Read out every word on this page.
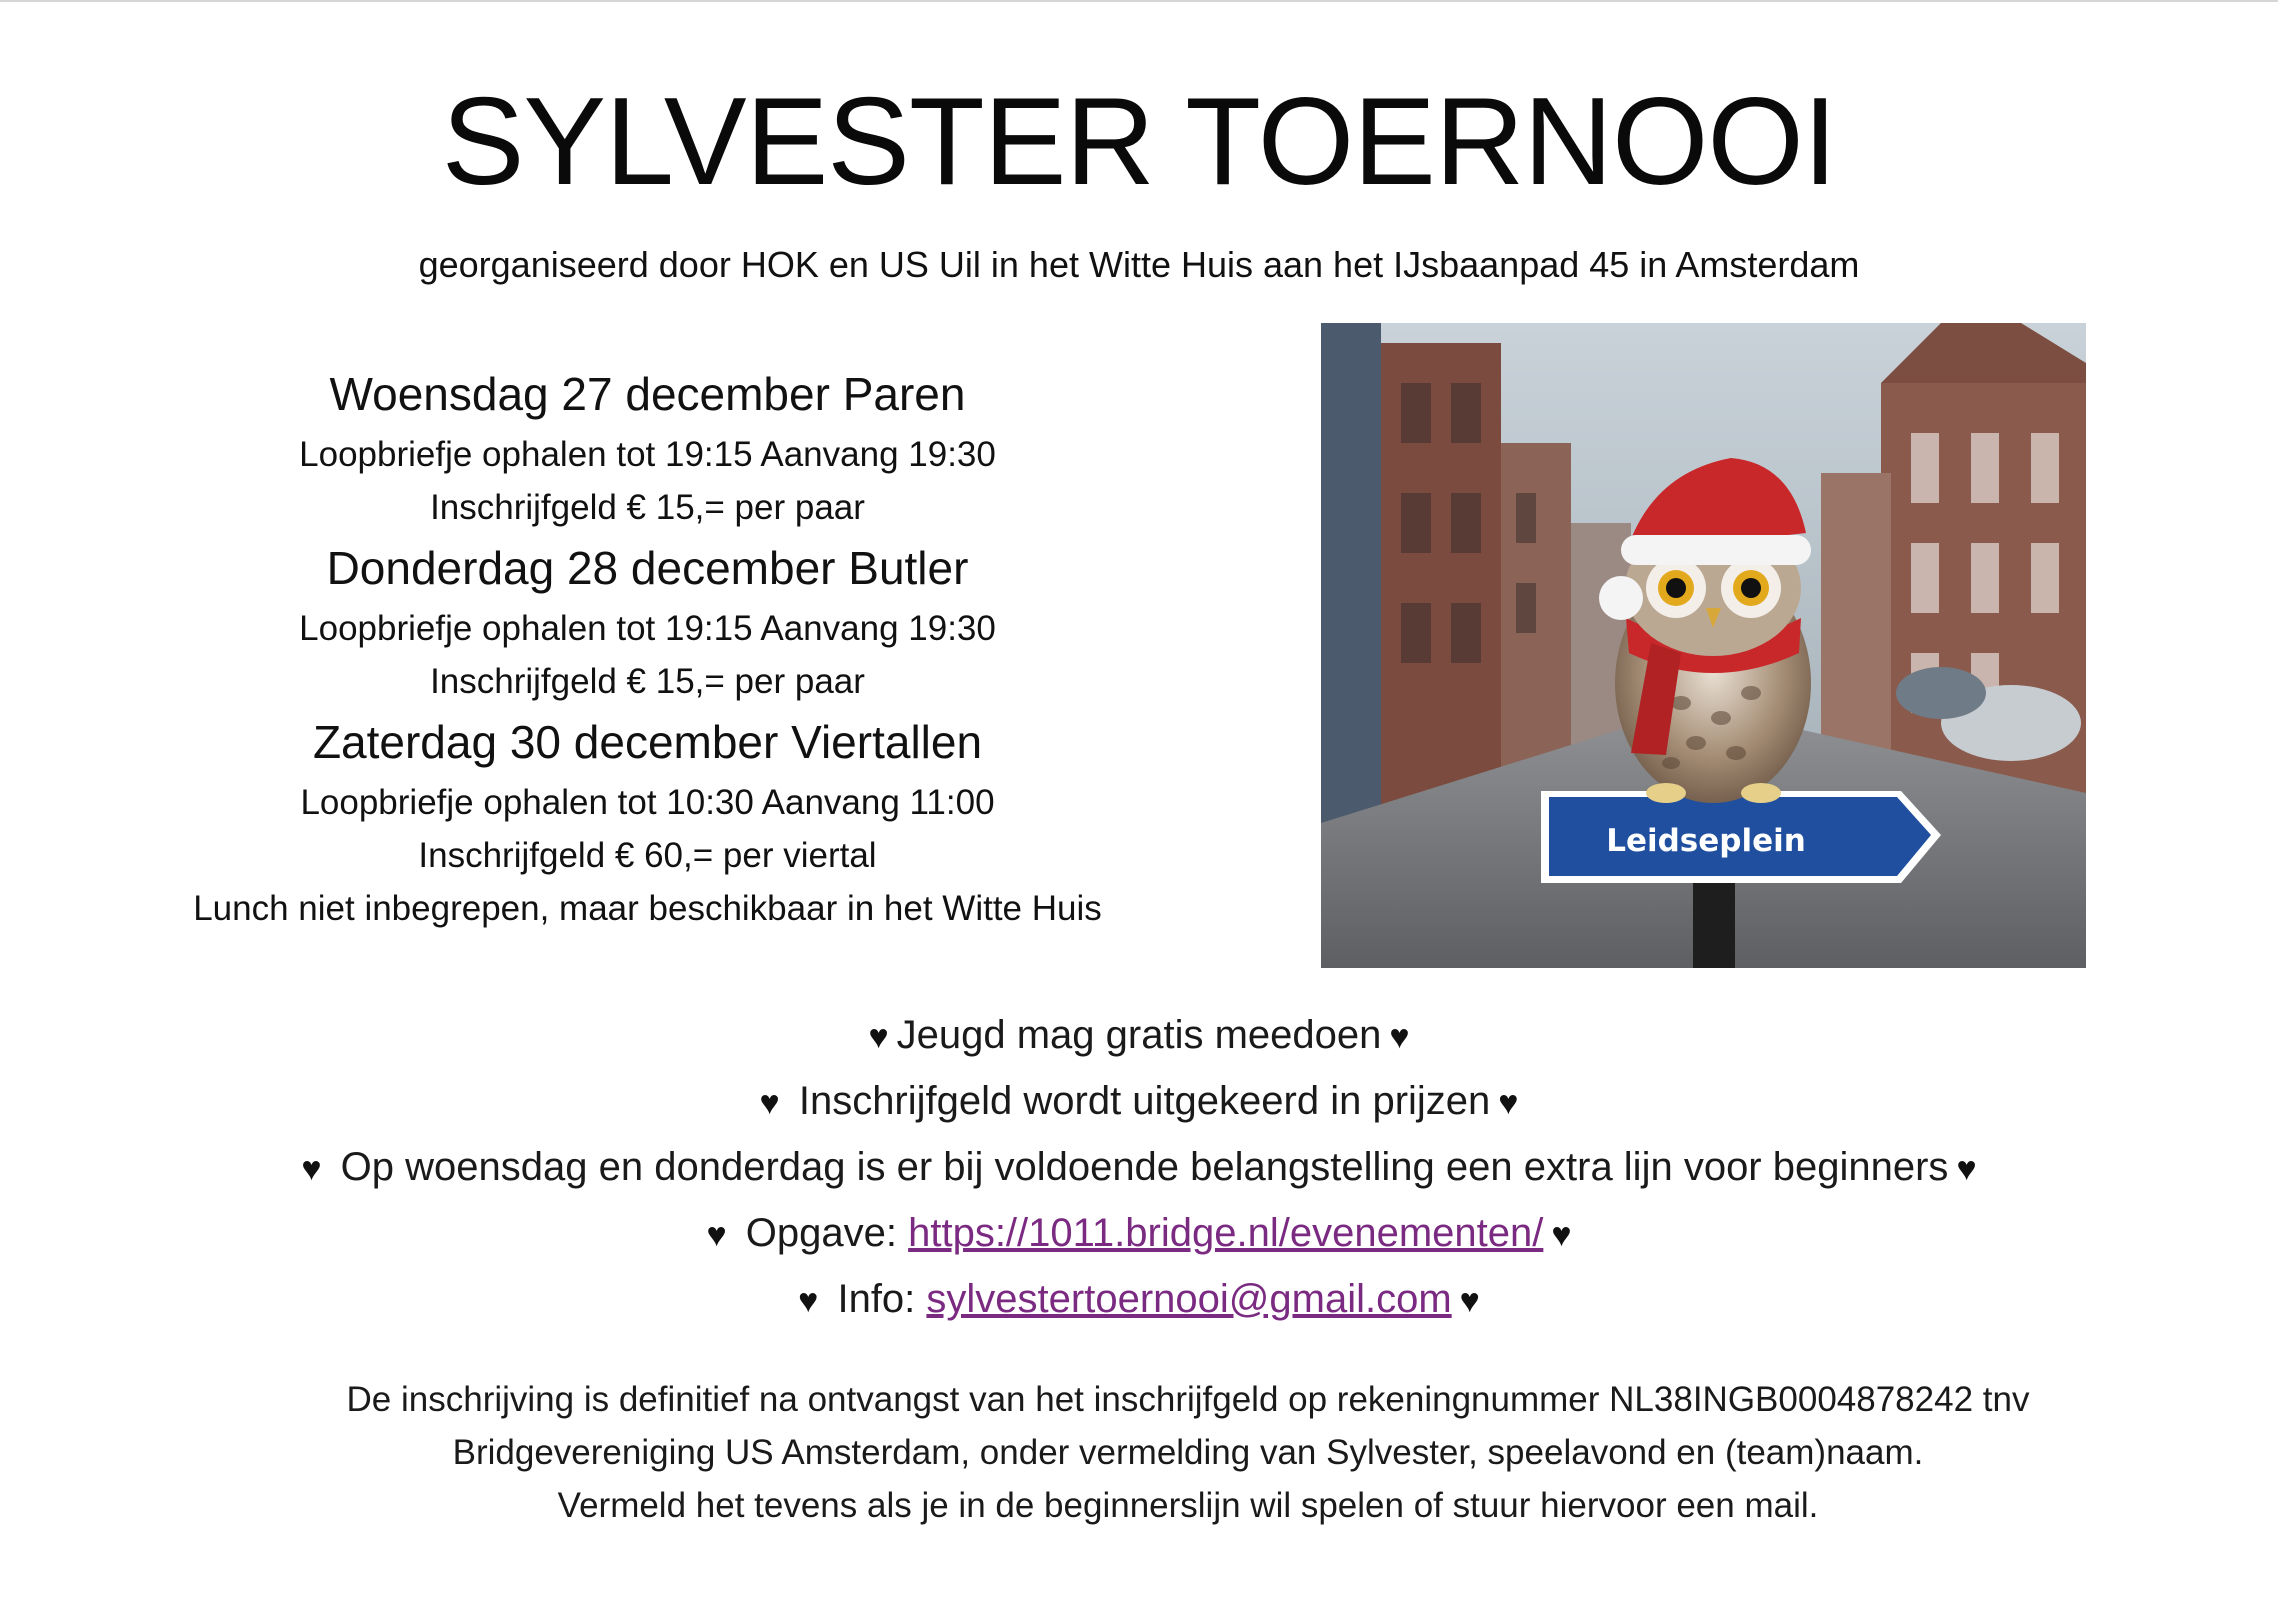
SYLVESTER TOERNOOI
georganiseerd door HOK en US Uil in het Witte Huis aan het IJsbaanpad 45 in Amsterdam
Woensdag 27 december Paren
Loopbriefje ophalen tot 19:15 Aanvang 19:30
Inschrijfgeld € 15,= per paar
Donderdag 28 december Butler
Loopbriefje ophalen tot 19:15 Aanvang 19:30
Inschrijfgeld € 15,= per paar
Zaterdag 30 december Viertallen
Loopbriefje ophalen tot 10:30 Aanvang 11:00
Inschrijfgeld € 60,= per viertal
Lunch niet inbegrepen, maar beschikbaar in het Witte Huis
Leidseplein
♥ Jeugd mag gratis meedoen ♥
♥ Inschrijfgeld wordt uitgekeerd in prijzen ♥
♥ Op woensdag en donderdag is er bij voldoende belangstelling een extra lijn voor beginners ♥
♥ Opgave: https://1011.bridge.nl/evenementen/ ♥
♥ Info: sylvestertoernooi@gmail.com ♥
De inschrijving is definitief na ontvangst van het inschrijfgeld op rekeningnummer NL38INGB0004878242 tnv
Bridgevereniging US Amsterdam, onder vermelding van Sylvester, speelavond en (team)naam.
Vermeld het tevens als je in de beginnerslijn wil spelen of stuur hiervoor een mail.
